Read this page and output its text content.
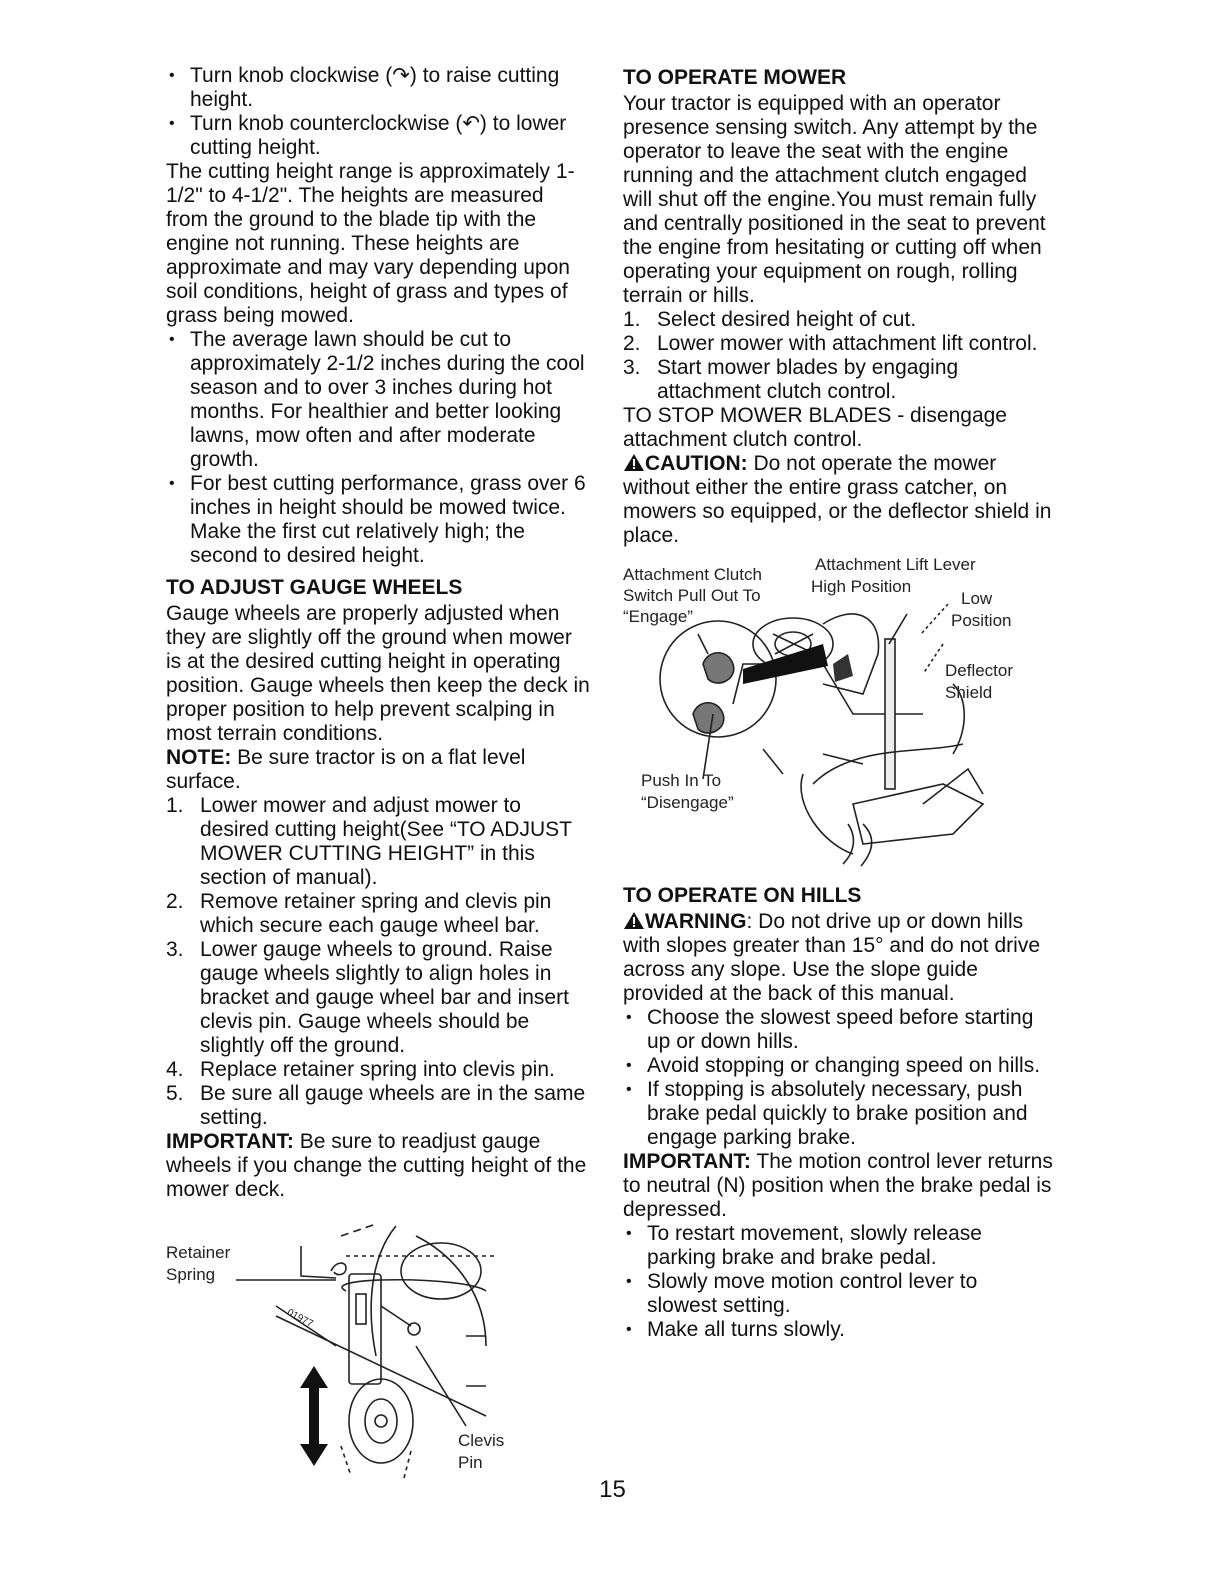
• Turn knob clockwise (↷) to raise cutting height.

• Turn knob counterclockwise (↶) to lower cutting height.

The cutting height range is approximately 1-1/2" to 4-1/2". The heights are measured from the ground to the blade tip with the engine not running. These heights are approximate and may vary depending upon soil conditions, height of grass and types of grass being mowed.

• The average lawn should be cut to approximately 2-1/2 inches during the cool season and to over 3 inches during hot months. For healthier and better looking lawns, mow often and after moderate growth.

• For best cutting performance, grass over 6 inches in height should be mowed twice. Make the first cut relatively high; the second to desired height.

TO ADJUST GAUGE WHEELS

Gauge wheels are properly adjusted when they are slightly off the ground when mower is at the desired cutting height in operating position. Gauge wheels then keep the deck in proper position to help prevent scalping in most terrain conditions.

NOTE: Be sure tractor is on a flat level surface.

1. Lower mower and adjust mower to desired cutting height(See “TO ADJUST MOWER CUTTING HEIGHT” in this section of manual).

2. Remove retainer spring and clevis pin which secure each gauge wheel bar.

3. Lower gauge wheels to ground. Raise gauge wheels slightly to align holes in bracket and gauge wheel bar and insert clevis pin. Gauge wheels should be slightly off the ground.

4. Replace retainer spring into clevis pin.

5. Be sure all gauge wheels are in the same setting.

IMPORTANT: Be sure to readjust gauge wheels if you change the cutting height of the mower deck.

Retainer
Spring
Clevis
Pin
01977
TO OPERATE MOWER

Your tractor is equipped with an operator presence sensing switch. Any attempt by the operator to leave the seat with the engine running and the attachment clutch engaged will shut off the engine.You must remain fully and centrally positioned in the seat to prevent the engine from hesitating or cutting off when operating your equipment on rough, rolling terrain or hills.

1. Select desired height of cut.

2. Lower mower with attachment lift control.

3. Start mower blades by engaging attachment clutch control.

TO STOP MOWER BLADES - disengage attachment clutch control.

CAUTION: Do not operate the mower without either the entire grass catcher, on mowers so equipped, or the deflector shield in place.

Attachment Lift Lever
High Position
Attachment Clutch
Switch Pull Out To
“Engage”
Low
Position
Deflector
Shield
Push In To
“Disengage”
TO OPERATE ON HILLS

WARNING: Do not drive up or down hills with slopes greater than 15° and do not drive across any slope. Use the slope guide provided at the back of this manual.

• Choose the slowest speed before starting up or down hills.

• Avoid stopping or changing speed on hills.

• If stopping is absolutely necessary, push brake pedal quickly to brake position and engage parking brake.

IMPORTANT: The motion control lever returns to neutral (N) position when the brake pedal is depressed.

• To restart movement, slowly release parking brake and brake pedal.

• Slowly move motion control lever to slowest setting.

• Make all turns slowly.

15
